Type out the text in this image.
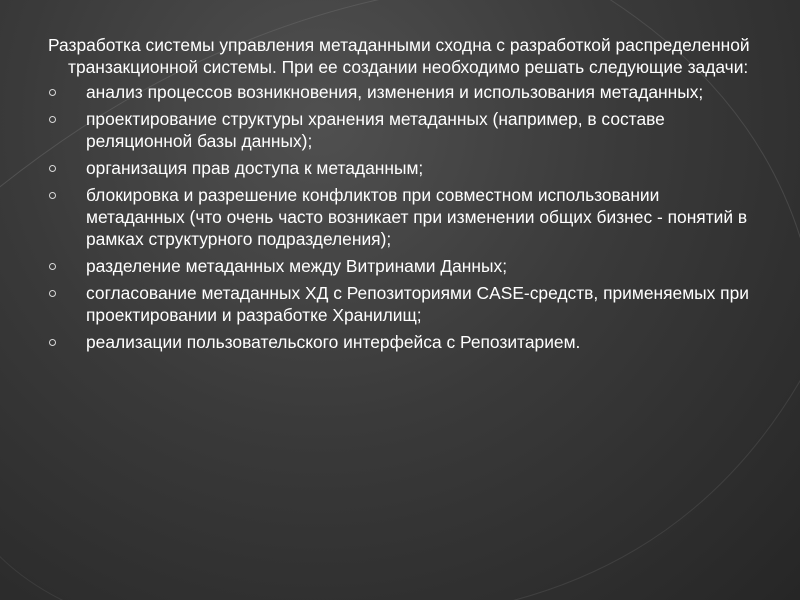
Разработка системы управления метаданными сходна с разработкой распределенной транзакционной системы. При ее создании необходимо решать следующие задачи:

анализ процессов возникновения, изменения и использования метаданных;
проектирование структуры хранения метаданных (например, в составе реляционной базы данных);
организация прав доступа к метаданным;
блокировка и разрешение конфликтов при совместном использовании метаданных (что очень часто возникает при изменении общих бизнес - понятий в рамках структурного подразделения);
разделение метаданных между Витринами Данных;
согласование метаданных ХД с Репозиториями CASE-средств, применяемых при проектировании и разработке Хранилищ;
реализации пользовательского интерфейса с Репозитарием.
